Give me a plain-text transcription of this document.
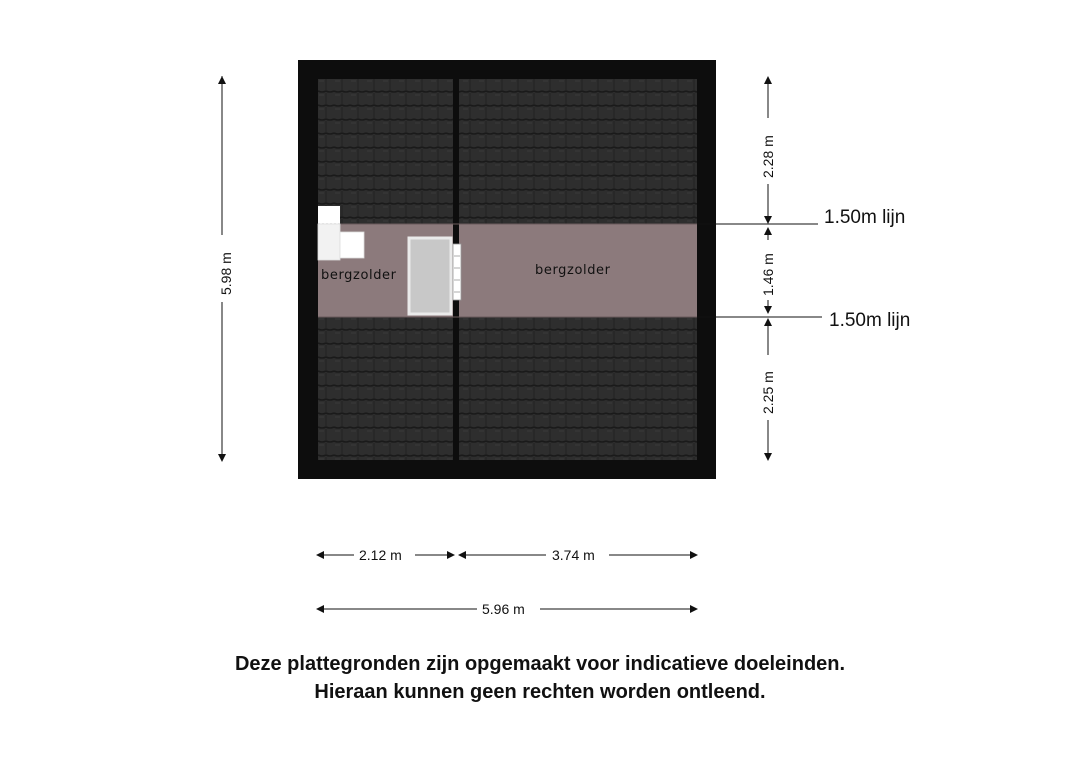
bergzolder	bergzolder
5.98 m
2.28 m
1.46 m
2.25 m
1.50m lijn
1.50m lijn
2.12 m	3.74 m
5.96 m
Deze plattegronden zijn opgemaakt voor indicatieve doeleinden.
Hieraan kunnen geen rechten worden ontleend.
